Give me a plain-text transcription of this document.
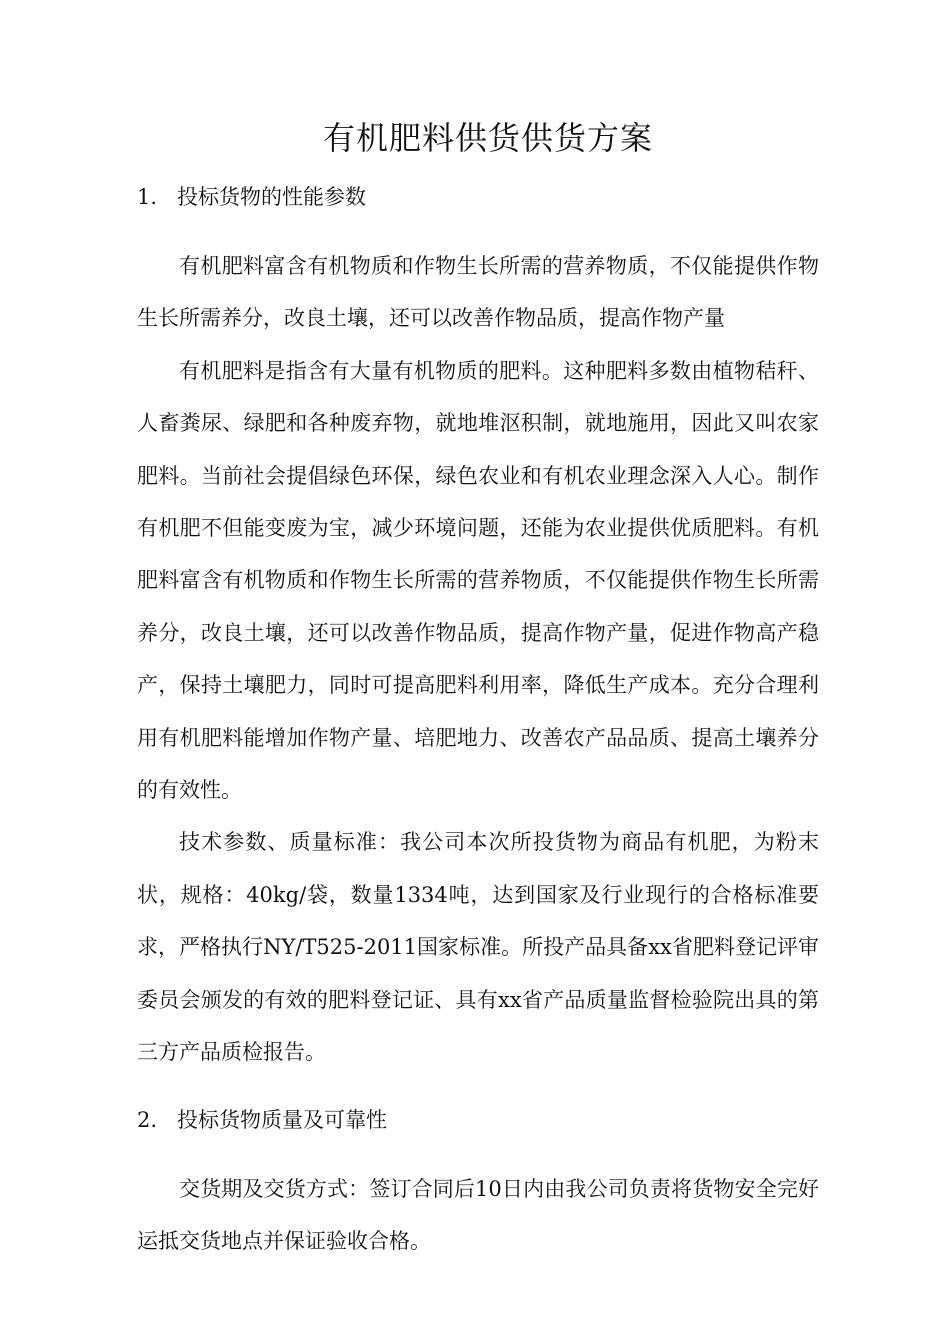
有机肥料供货供货方案
1. 投标货物的性能参数

有机肥料富含有机物质和作物生长所需的营养物质，不仅能提供作物生长所需养分，改良土壤，还可以改善作物品质，提高作物产量

有机肥料是指含有大量有机物质的肥料。这种肥料多数由植物秸秆、人畜粪尿、绿肥和各种废弃物，就地堆沤积制，就地施用，因此又叫农家肥料。当前社会提倡绿色环保，绿色农业和有机农业理念深入人心。制作有机肥不但能变废为宝，减少环境问题，还能为农业提供优质肥料。有机肥料富含有机物质和作物生长所需的营养物质，不仅能提供作物生长所需养分，改良土壤，还可以改善作物品质，提高作物产量，促进作物高产稳产，保持土壤肥力，同时可提高肥料利用率，降低生产成本。充分合理利用有机肥料能增加作物产量、培肥地力、改善农产品品质、提高土壤养分的有效性。

技术参数、质量标准：我公司本次所投货物为商品有机肥，为粉末状，规格：40kg/袋，数量1334吨，达到国家及行业现行的合格标准要求，严格执行NY/T525-2011国家标准。所投产品具备xx省肥料登记评审委员会颁发的有效的肥料登记证、具有xx省产品质量监督检验院出具的第三方产品质检报告。

2. 投标货物质量及可靠性

交货期及交货方式：签订合同后10日内由我公司负责将货物安全完好运抵交货地点并保证验收合格。
